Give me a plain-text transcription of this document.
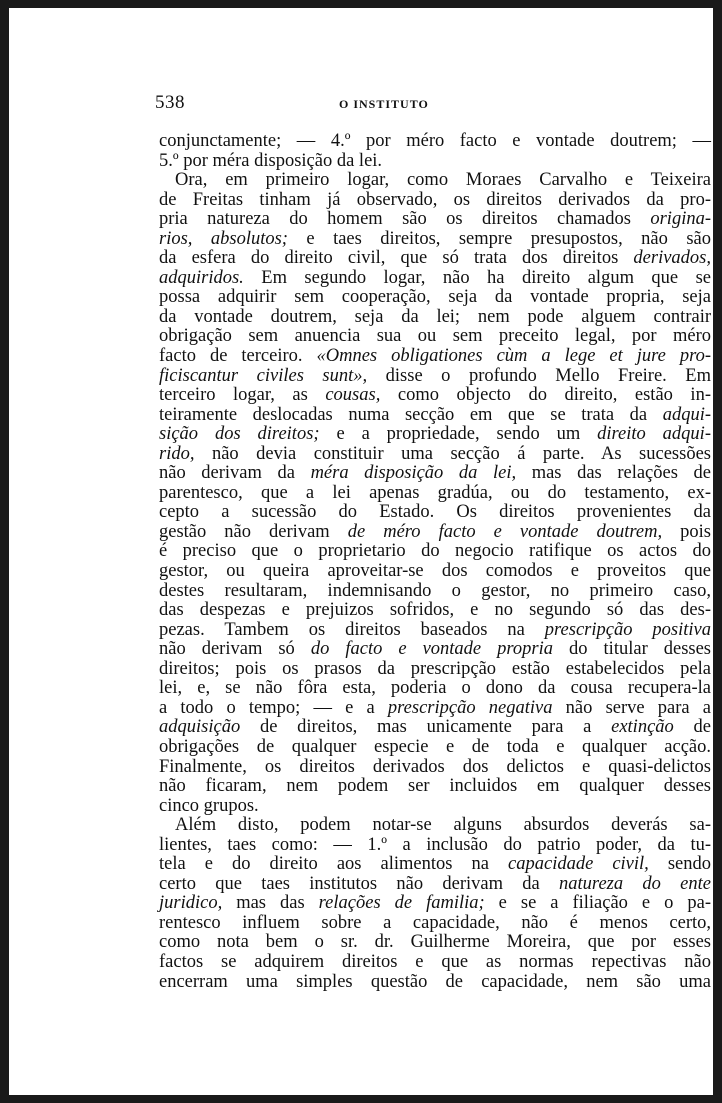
538	O INSTITUTO
conjunctamente; — 4.º por méro facto e vontade doutrem; —
5.º por méra disposição da lei.
Ora, em primeiro logar, como Moraes Carvalho e Teixeira
de Freitas tinham já observado, os direitos derivados da pro-
pria natureza do homem são os direitos chamados origina-
rios, absolutos; e taes direitos, sempre presupostos, não são
da esfera do direito civil, que só trata dos direitos derivados,
adquiridos. Em segundo logar, não ha direito algum que se
possa adquirir sem cooperação, seja da vontade propria, seja
da vontade doutrem, seja da lei; nem pode alguem contrair
obrigação sem anuencia sua ou sem preceito legal, por méro
facto de terceiro. «Omnes obligationes cùm a lege et jure pro-
ficiscantur civiles sunt», disse o profundo Mello Freire. Em
terceiro logar, as cousas, como objecto do direito, estão in-
teiramente deslocadas numa secção em que se trata da adqui-
sição dos direitos; e a propriedade, sendo um direito adqui-
rido, não devia constituir uma secção á parte. As sucessões
não derivam da méra disposição da lei, mas das relações de
parentesco, que a lei apenas gradúa, ou do testamento, ex-
cepto a sucessão do Estado. Os direitos provenientes da
gestão não derivam de méro facto e vontade doutrem, pois
é preciso que o proprietario do negocio ratifique os actos do
gestor, ou queira aproveitar-se dos comodos e proveitos que
destes resultaram, indemnisando o gestor, no primeiro caso,
das despezas e prejuizos sofridos, e no segundo só das des-
pezas. Tambem os direitos baseados na prescripção positiva
não derivam só do facto e vontade propria do titular desses
direitos; pois os prasos da prescripção estão estabelecidos pela
lei, e, se não fôra esta, poderia o dono da cousa recupera-la
a todo o tempo; — e a prescripção negativa não serve para a
adquisição de direitos, mas unicamente para a extinção de
obrigações de qualquer especie e de toda e qualquer acção.
Finalmente, os direitos derivados dos delictos e quasi-delictos
não ficaram, nem podem ser incluidos em qualquer desses
cinco grupos.
Além disto, podem notar-se alguns absurdos deverás sa-
lientes, taes como: — 1.º a inclusão do patrio poder, da tu-
tela e do direito aos alimentos na capacidade civil, sendo
certo que taes institutos não derivam da natureza do ente
juridico, mas das relações de familia; e se a filiação e o pa-
rentesco influem sobre a capacidade, não é menos certo,
como nota bem o sr. dr. Guilherme Moreira, que por esses
factos se adquirem direitos e que as normas repectivas não
encerram uma simples questão de capacidade, nem são uma
